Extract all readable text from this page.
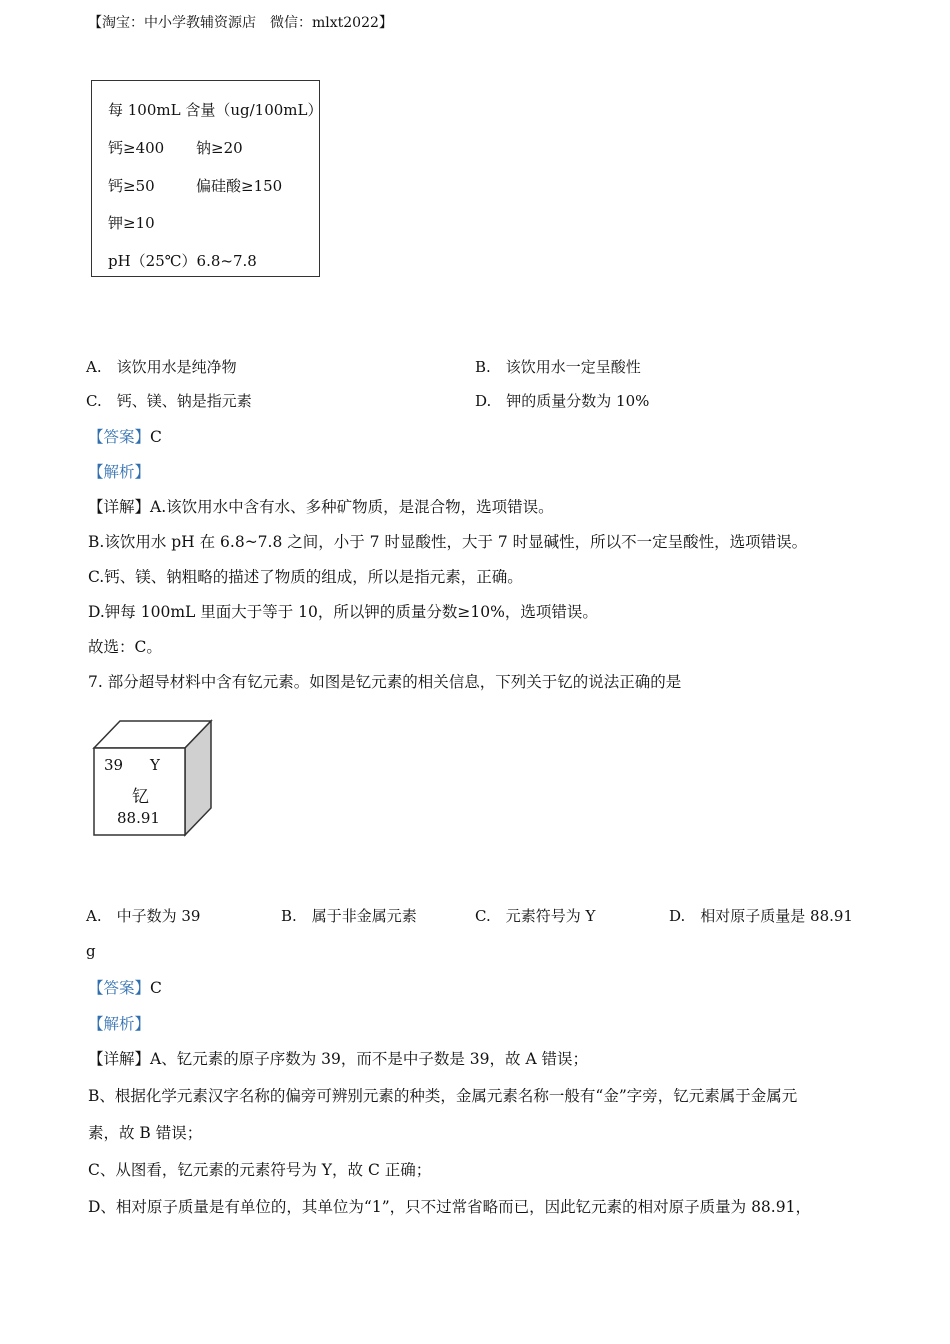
【淘宝：中小学教辅资源店　微信：mlxt2022】
每 100mL 含量（ug/100mL）
钙≥400 钠≥20
钙≥50	偏硅酸≥150
钾≥10
pH（25℃）6.8~7.8
A.　该饮用水是纯净物	B.　该饮用水一定呈酸性
C.　钙、镁、钠是指元素	D.　钾的质量分数为 10%
【答案】C
【解析】
【详解】A.该饮用水中含有水、多种矿物质，是混合物，选项错误。
B.该饮用水 pH 在 6.8~7.8 之间，小于 7 时显酸性，大于 7 时显碱性，所以不一定呈酸性，选项错误。
C.钙、镁、钠粗略的描述了物质的组成，所以是指元素，正确。
D.钾每 100mL 里面大于等于 10，所以钾的质量分数≥10%，选项错误。
故选：C。
7. 部分超导材料中含有钇元素。如图是钇元素的相关信息，下列关于钇的说法正确的是
39 Y
钇
88.91
A.　中子数为 39	B.　属于非金属元素	C.　元素符号为 Y	D.　相对原子质量是 88.91
g
【答案】C
【解析】
【详解】A、钇元素的原子序数为 39，而不是中子数是 39，故 A 错误；
B、根据化学元素汉字名称的偏旁可辨别元素的种类，金属元素名称一般有“金”字旁，钇元素属于金属元
素，故 B 错误；
C、从图看，钇元素的元素符号为 Y，故 C 正确；
D、相对原子质量是有单位的，其单位为“1”，只不过常省略而已，因此钇元素的相对原子质量为 88.91，
